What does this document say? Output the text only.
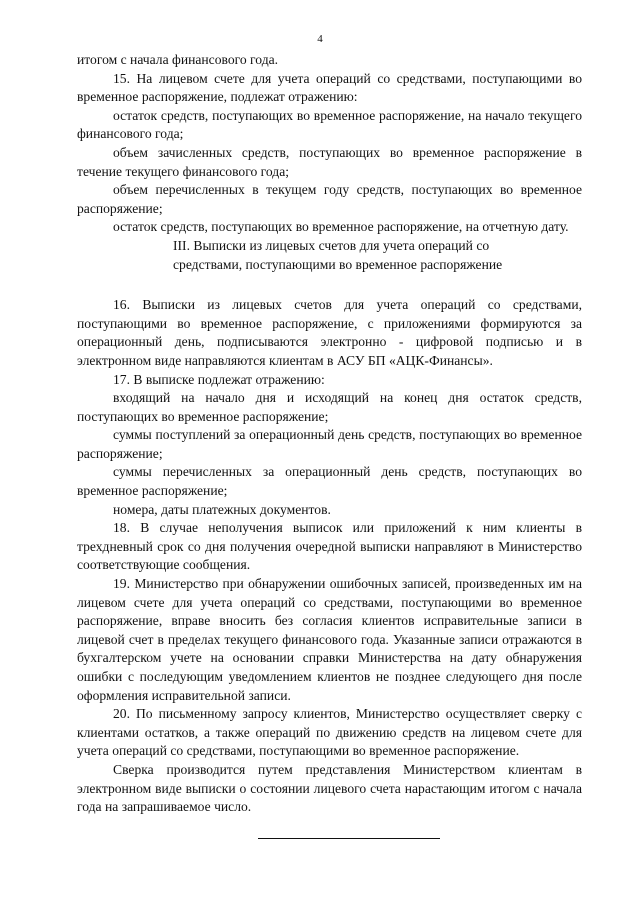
4

итогом с начала финансового года.

15. На лицевом счете для учета операций со средствами, поступающими во временное распоряжение, подлежат отражению:

остаток средств, поступающих во временное распоряжение, на начало текущего финансового года;

объем зачисленных средств, поступающих во временное распоряжение в течение текущего финансового года;

объем перечисленных в текущем году средств, поступающих во временное распоряжение;

остаток средств, поступающих во временное распоряжение, на отчетную дату.

III. Выписки из лицевых счетов для учета операций со средствами, поступающими во временное распоряжение

16. Выписки из лицевых счетов для учета операций со средствами, поступающими во временное распоряжение, с приложениями формируются за операционный день, подписываются электронно - цифровой подписью и в электронном виде направляются клиентам в АСУ БП «АЦК-Финансы».

17. В выписке подлежат отражению:

входящий на начало дня и исходящий на конец дня остаток средств, поступающих во временное распоряжение;

суммы поступлений за операционный день средств, поступающих во временное распоряжение;

суммы перечисленных за операционный день средств, поступающих во временное распоряжение;

номера, даты платежных документов.

18. В случае неполучения выписок или приложений к ним клиенты в трехдневный срок со дня получения очередной выписки направляют в Министерство соответствующие сообщения.

19. Министерство при обнаружении ошибочных записей, произведенных им на лицевом счете для учета операций со средствами, поступающими во временное распоряжение, вправе вносить без согласия клиентов исправительные записи в лицевой счет в пределах текущего финансового года. Указанные записи отражаются в бухгалтерском учете на основании справки Министерства на дату обнаружения ошибки с последующим уведомлением клиентов не позднее следующего дня после оформления исправительной записи.

20. По письменному запросу клиентов, Министерство осуществляет сверку с клиентами остатков, а также операций по движению средств на лицевом счете для учета операций со средствами, поступающими во временное распоряжение.

Сверка производится путем представления Министерством клиентам в электронном виде выписки о состоянии лицевого счета нарастающим итогом с начала года на запрашиваемое число.
